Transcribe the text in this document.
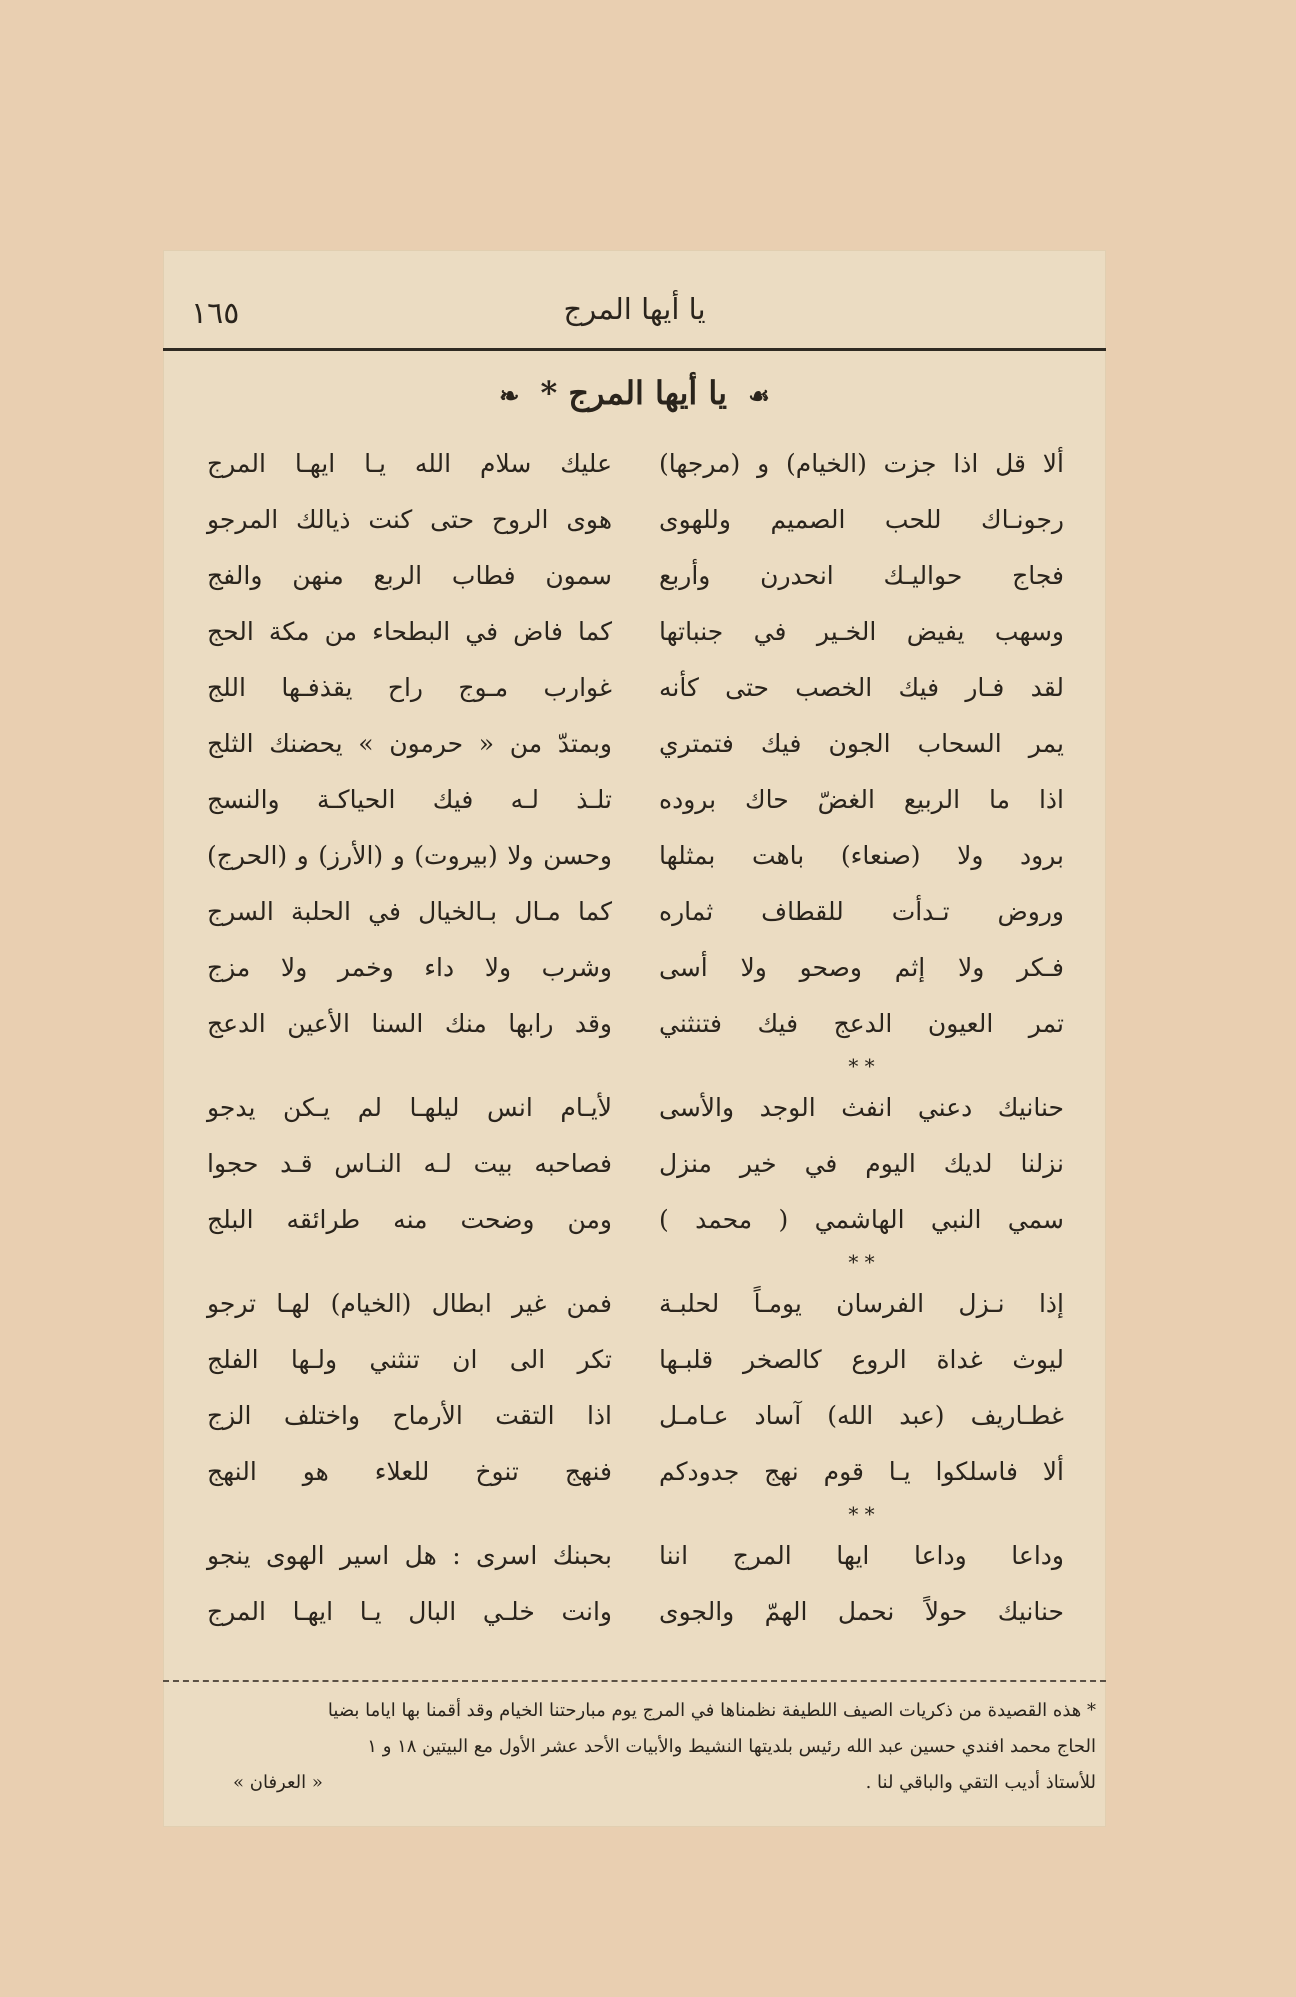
١٦٥	يا أيها المرج
❧ يا أيها المرج * ☙
ألا قل اذا جزت (الخيام) و (مرجها)
رجونـاك للحب الصميم وللهوى
فجاج حواليـك انحدرن وأربع
وسهب يفيض الخـير في جنباتها
لقد فـار فيك الخصب حتى كأنه
يمر السحاب الجون فيك فتمتري
اذا ما الربيع الغضّ حاك بروده
برود ولا (صنعاء) باهت بمثلها
وروض تـدأت للقطاف ثماره
فـكر ولا إثم وصحو ولا أسى
تمر العيون الدعج فيك فتنثني
* *
حنانيك دعني انفث الوجد والأسى
نزلنا لديك اليوم في خير منزل
سمي النبي الهاشمي ( محمد )
* *
إذا نـزل الفرسان يومـاً لحلبـة
ليوث غداة الروع كالصخر قلبـها
غطـاريف (عبد الله) آساد عـامـل
ألا فاسلكوا يـا قوم نهج جدودكم
* *
وداعا وداعا ايها المرج اننا
حنانيك حولاً نحمل الهمّ والجوى
عليك سلام الله يـا ايهـا المرج
هوى الروح حتى كنت ذيالك المرجو
سمون فطاب الربع منهن والفج
كما فاض في البطحاء من مكة الحج
غوارب مـوج راح يقذفـها اللج
وبمتدّ من « حرمون » يحضنك الثلج
تلـذ لـه فيك الحياكـة والنسج
وحسن ولا (بيروت) و (الأرز) و (الحرج)
كما مـال بـالخيال في الحلبة السرج
وشرب ولا داء وخمر ولا مزج
وقد رابها منك السنا الأعين الدعج
لأيـام انس ليلهـا لم يـكن يدجو
فصاحبه بيت لـه النـاس قـد حجوا
ومن وضحت منه طرائقه البلج
فمن غير ابطال (الخيام) لهـا ترجو
تكر الى ان تنثني ولـها الفلج
اذا التقت الأرماح واختلف الزج
فنهج تنوخ للعلاء هو النهج
بحبنك اسرى : هل اسير الهوى ينجو
وانت خلـي البال يـا ايهـا المرج
* هذه القصيدة من ذكريات الصيف اللطيفة نظمناها في المرج يوم مبارحتنا الخيام وقد أقمنا بها اياما بضيا
الحاج محمد افندي حسين عبد الله رئيس بلديتها النشيط والأبيات الأحد عشر الأول مع البيتين ١٨ و ١
للأستاذ أديب التقي والباقي لنا .
« العرفان »
